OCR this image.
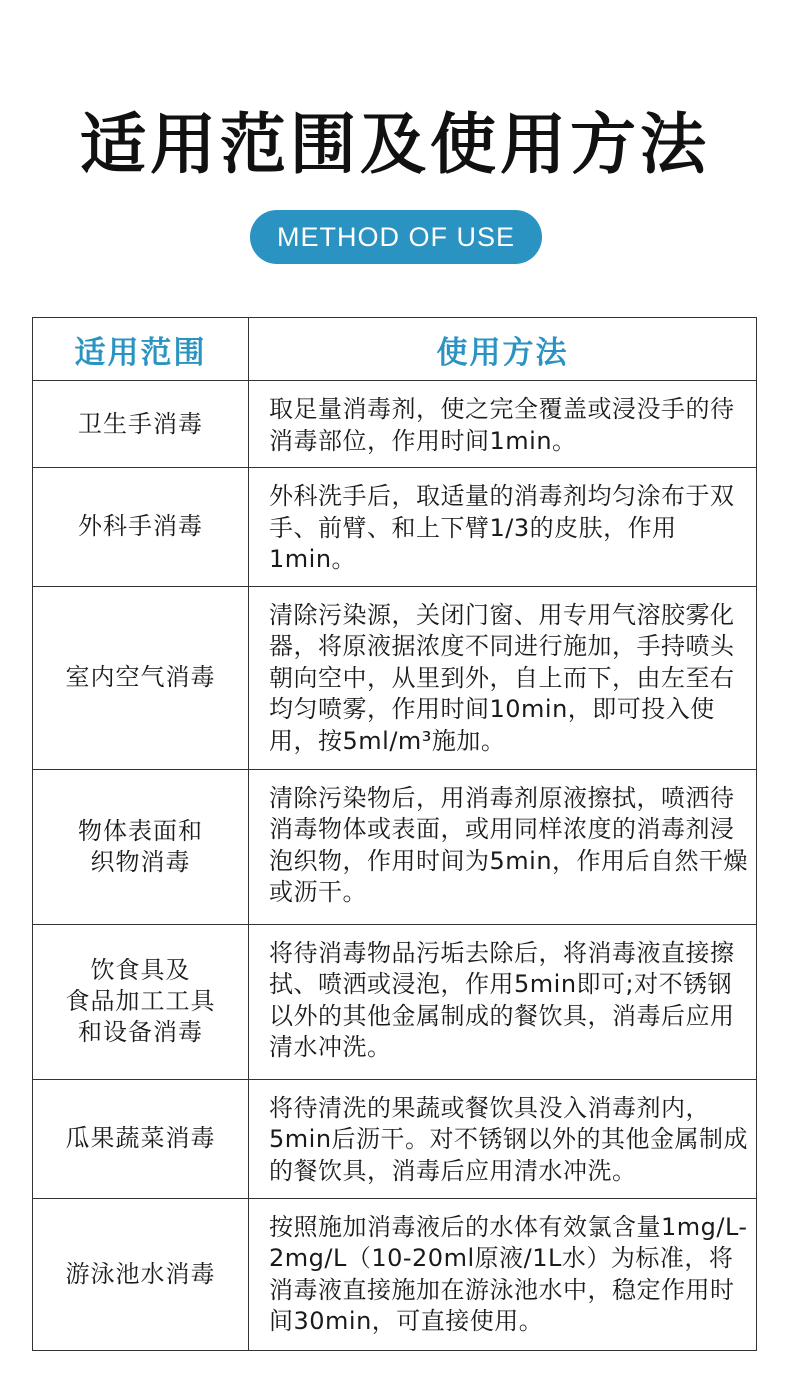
适用范围及使用方法
METHOD OF USE
适用范围	使用方法
卫生手消毒	取足量消毒剂，使之完全覆盖或浸没手的待消毒部位，作用时间1min。
外科手消毒	外科洗手后，取适量的消毒剂均匀涂布于双手、前臂、和上下臂1/3的皮肤，作用1min。
室内空气消毒	清除污染源，关闭门窗、用专用气溶胶雾化器，将原液据浓度不同进行施加，手持喷头朝向空中，从里到外，自上而下，由左至右均匀喷雾，作用时间10min，即可投入使用，按5ml/m³施加。
物体表面和
织物消毒	清除污染物后，用消毒剂原液擦拭，喷洒待消毒物体或表面，或用同样浓度的消毒剂浸泡织物，作用时间为5min，作用后自然干燥或沥干。
饮食具及
食品加工工具
和设备消毒	将待消毒物品污垢去除后，将消毒液直接擦拭、喷洒或浸泡，作用5min即可;对不锈钢以外的其他金属制成的餐饮具，消毒后应用清水冲洗。
瓜果蔬菜消毒	将待清洗的果蔬或餐饮具没入消毒剂内，5min后沥干。对不锈钢以外的其他金属制成的餐饮具，消毒后应用清水冲洗。
游泳池水消毒	按照施加消毒液后的水体有效氯含量1mg/L-2mg/L（10-20ml原液/1L水）为标准，将消毒液直接施加在游泳池水中，稳定作用时间30min，可直接使用。
